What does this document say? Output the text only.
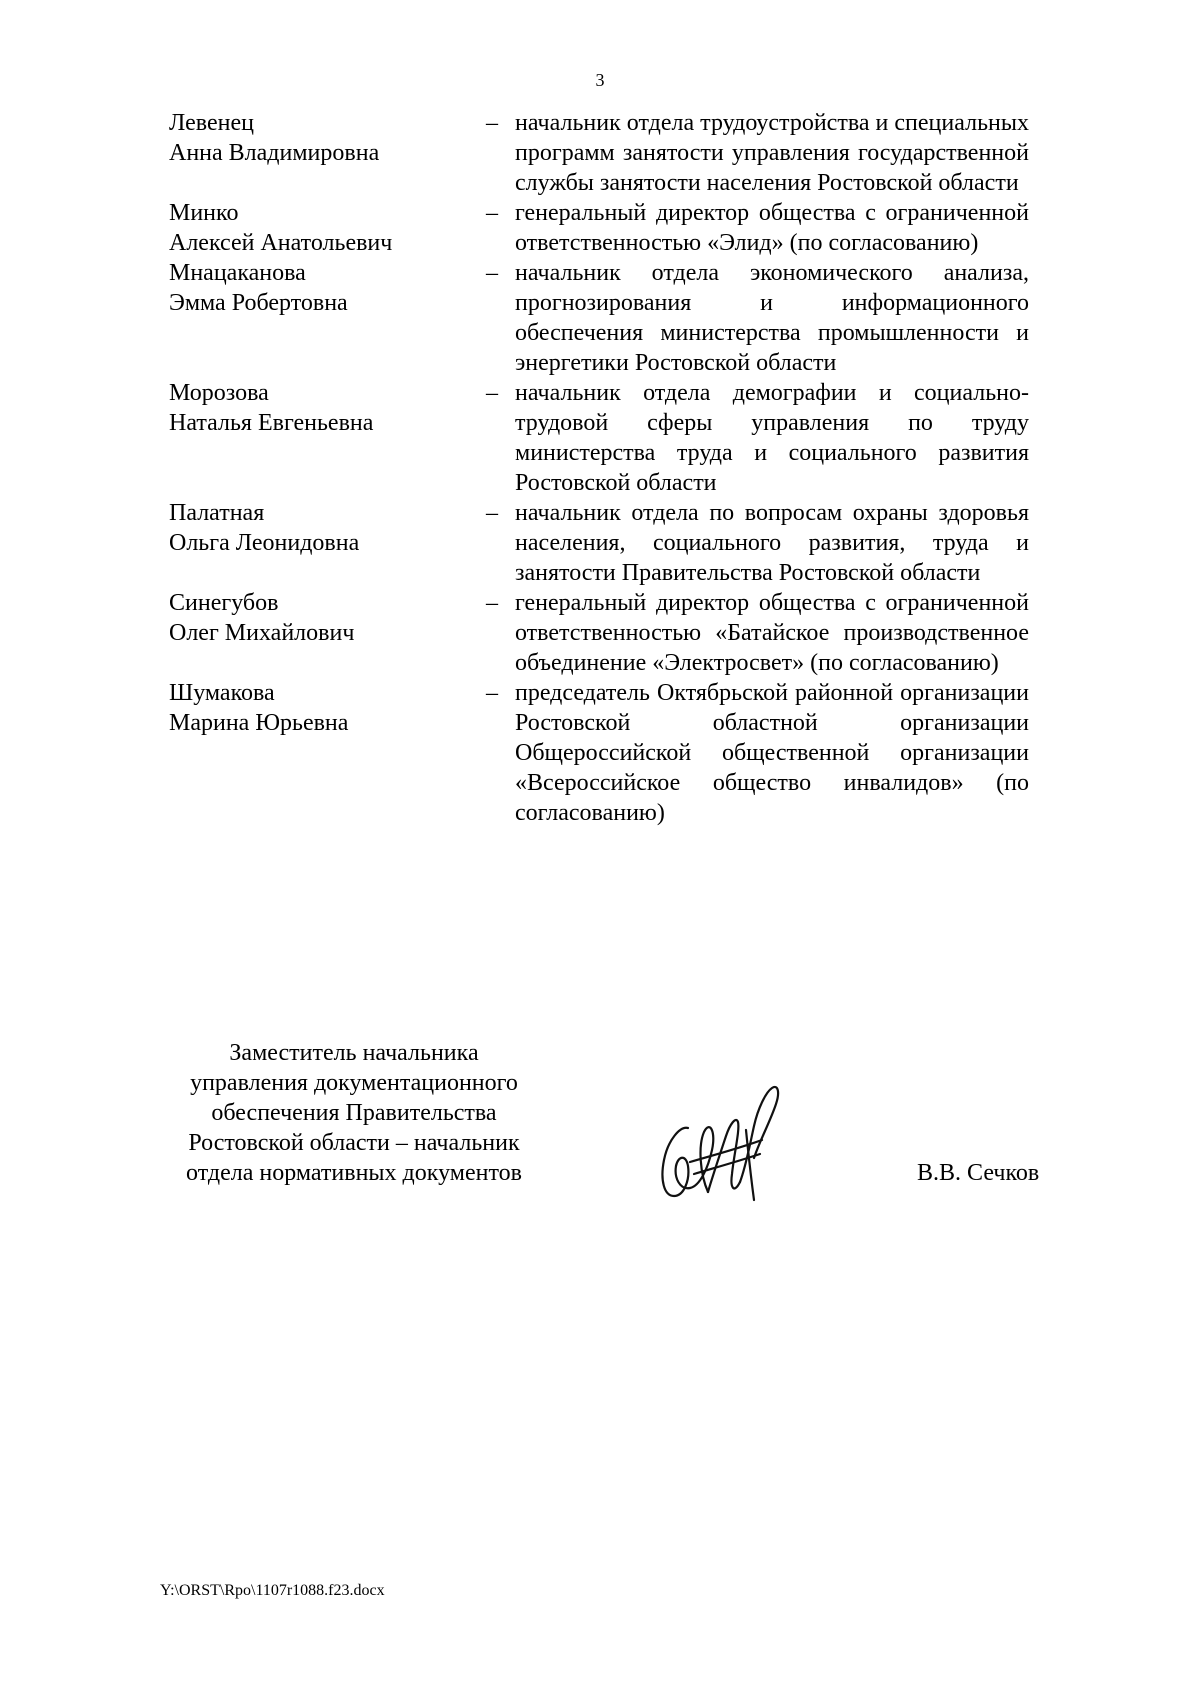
3
Левенец
Анна Владимировна
– начальник отдела трудоустройства и специальных программ занятости управления государственной службы занятости населения Ростовской области
Минко
Алексей Анатольевич
– генеральный директор общества с ограниченной ответственностью «Элид» (по согласованию)
Мнацаканова
Эмма Робертовна
– начальник отдела экономического анализа, прогнозирования и информационного обеспечения министерства промышленности и энергетики Ростовской области
Морозова
Наталья Евгеньевна
– начальник отдела демографии и социально-трудовой сферы управления по труду министерства труда и социального развития Ростовской области
Палатная
Ольга Леонидовна
– начальник отдела по вопросам охраны здоровья населения, социального развития, труда и занятости Правительства Ростовской области
Синегубов
Олег Михайлович
– генеральный директор общества с ограниченной ответственностью «Батайское производственное объединение «Электросвет» (по согласованию)
Шумакова
Марина Юрьевна
– председатель Октябрьской районной организации Ростовской областной организации Общероссийской общественной организации «Всероссийское общество инвалидов» (по согласованию)
Заместитель начальника
управления документационного
обеспечения Правительства
Ростовской области – начальник
отдела нормативных документов	В.В. Сечков
Y:\ORST\Rpo\1107r1088.f23.docx
